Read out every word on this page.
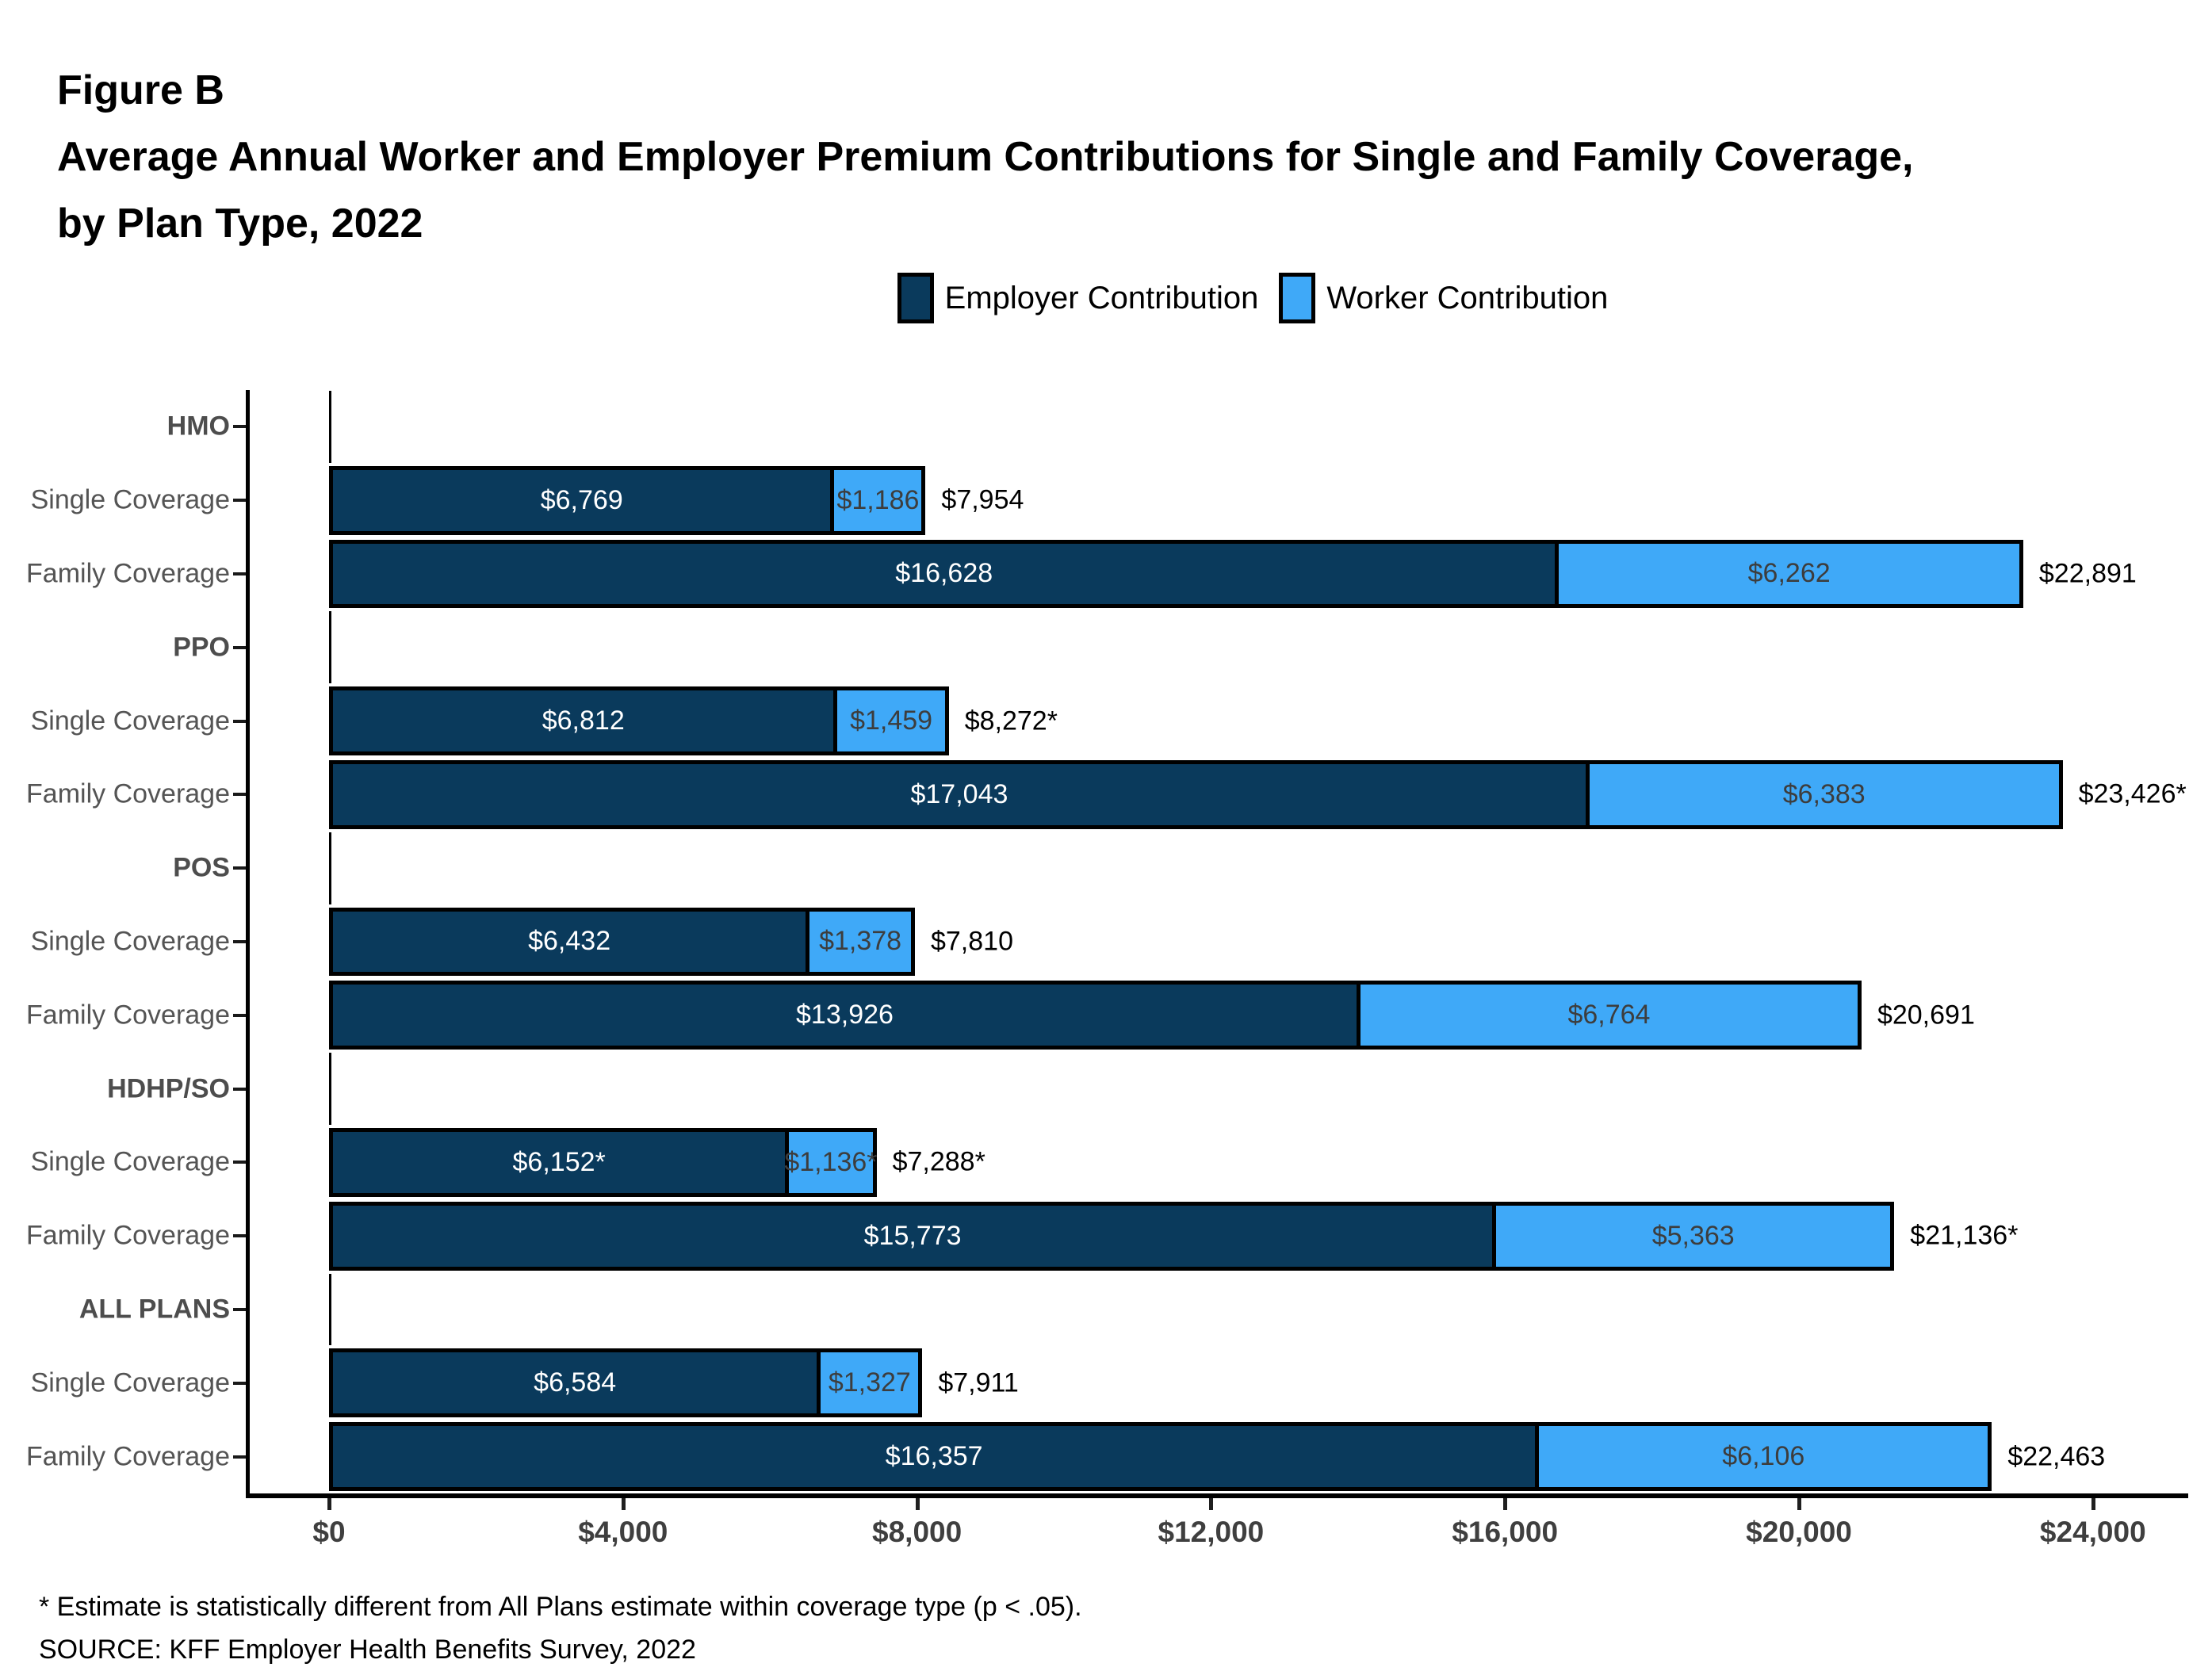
Figure B
Average Annual Worker and Employer Premium Contributions for Single and Family Coverage,
by Plan Type, 2022
Employer Contribution Worker Contribution
HMO
Single Coverage	$6,769	$1,186 $7,954
Family Coverage	$16,628	$6,262	$22,891
PPO
Single Coverage	$6,812	$1,459 $8,272*
Family Coverage	$17,043	$6,383	$23,426*
POS
Single Coverage	$6,432	$1,378 $7,810
Family Coverage	$13,926	$6,764	$20,691
HDHP/SO
Single Coverage	$6,152*	$1,136* $7,288*
Family Coverage	$15,773	$5,363	$21,136*
ALL PLANS
Single Coverage	$6,584	$1,327 $7,911
Family Coverage	$16,357	$6,106	$22,463
$0	$4,000	$8,000	$12,000	$16,000	$20,000	$24,000
* Estimate is statistically different from All Plans estimate within coverage type (p < .05).
SOURCE: KFF Employer Health Benefits Survey, 2022
